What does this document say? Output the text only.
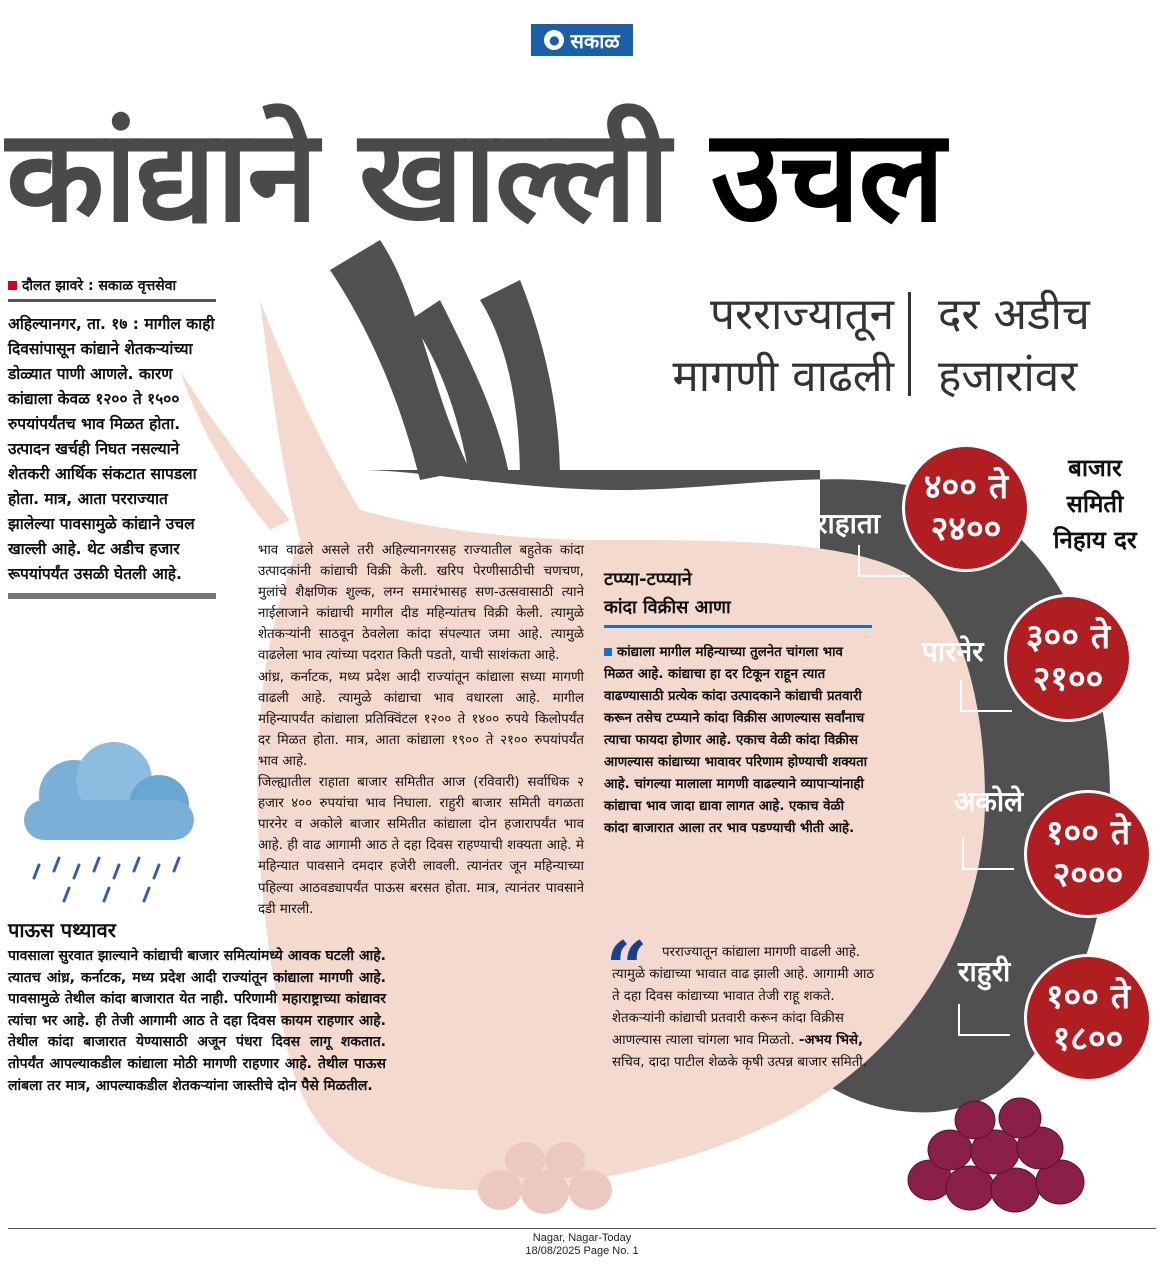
● सकाळ
कांद्याने खाल्ली उचल
दौलत झावरे : सकाळ वृत्तसेवा
अहिल्यानगर, ता. १७ : मागील काही दिवसांपासून कांद्याने शेतकऱ्यांच्या डोळ्यात पाणी आणले. कारण कांद्याला केवळ १२०० ते १५०० रुपयांपर्यंतच भाव मिळत होता. उत्पादन खर्चही निघत नसल्याने शेतकरी आर्थिक संकटात सापडला होता. मात्र, आता परराज्यात झालेल्या पावसामुळे कांद्याने उचल खाल्ली आहे. थेट अडीच हजार रूपयांपर्यंत उसळी घेतली आहे.
पाऊस पथ्यावर
पावसाला सुरवात झाल्याने कांद्याची बाजार समित्यांमध्ये आवक घटली आहे. त्यातच आंध्र, कर्नाटक, मध्य प्रदेश आदी राज्यांतून कांद्याला मागणी आहे. पावसामुळे तेथील कांदा बाजारात येत नाही. परिणामी महाराष्ट्राच्या कांद्यावर त्यांचा भर आहे. ही तेजी आगामी आठ ते दहा दिवस कायम राहणार आहे. तेथील कांदा बाजारात येण्यासाठी अजून पंधरा दिवस लागू शकतात. तोपर्यंत आपल्याकडील कांद्याला मोठी मागणी राहणार आहे. तेथील पाऊस लांबला तर मात्र, आपल्याकडील शेतकऱ्यांना जास्तीचे दोन पैसे मिळतील.
परराज्यातून
मागणी वाढली
दर अडीच
हजारांवर

भाव वाढले असले तरी अहिल्यानगरसह राज्यातील बहुतेक कांदा उत्पादकांनी कांद्याची विक्री केली. खरिप पेरणीसाठीची चणचण, मुलांचे शैक्षणिक शुल्क, लग्न समारंभासह सण-उत्सवासाठी त्याने नाईलाजाने कांद्याची मागील दीड महिन्यांतच विक्री केली. त्यामुळे शेतकऱ्यांनी साठवून ठेवलेला कांदा संपल्यात जमा आहे. त्यामुळे वाढलेला भाव त्यांच्या पदरात किती पडतो, याची साशंकता आहे.

आंध्र, कर्नाटक, मध्य प्रदेश आदी राज्यांतून कांद्याला सध्या मागणी वाढली आहे. त्यामुळे कांद्याचा भाव वधारला आहे. मागील महिन्यापर्यंत कांद्याला प्रतिक्विंटल १२०० ते १४०० रुपये किलोपर्यंत दर मिळत होता. मात्र, आता कांद्याला १९०० ते २१०० रुपयांपर्यंत भाव आहे.

जिल्ह्यातील राहाता बाजार समितीत आज (रविवारी) सर्वाधिक २ हजार ४०० रुपयांचा भाव निघाला. राहुरी बाजार समिती वगळता पारनेर व अकोले बाजार समितीत कांद्याला दोन हजारापर्यंत भाव आहे. ही वाढ आगामी आठ ते दहा दिवस राहण्याची शक्यता आहे. मे महिन्यात पावसाने दमदार हजेरी लावली. त्यानंतर जून महिन्याच्या पहिल्या आठवड्यापर्यंत पाऊस बरसत होता. मात्र, त्यानंतर पावसाने दडी मारली.

टप्प्या-टप्प्याने
कांदा विक्रीस आणा
कांद्याला मागील महिन्याच्या तुलनेत चांगला भाव मिळत आहे. कांद्याचा हा दर टिकून राहून त्यात वाढण्यासाठी प्रत्येक कांदा उत्पादकाने कांद्याची प्रतवारी करून तसेच टप्प्याने कांदा विक्रीस आणल्यास सर्वांनाच त्याचा फायदा होणार आहे. एकाच वेळी कांदा विक्रीस आणल्यास कांद्याच्या भावावर परिणाम होण्याची शक्यता आहे. चांगल्या मालाला मागणी वाढल्याने व्यापाऱ्यांनाही कांद्याचा भाव जादा द्यावा लागत आहे. एकाच वेळी कांदा बाजारात आला तर भाव पडण्याची भीती आहे.
“	परराज्यातून कांद्याला मागणी वाढली आहे. त्यामुळे कांद्याच्या भावात वाढ झाली आहे. आगामी आठ ते दहा दिवस कांद्याच्या भावात तेजी राहू शकते. शेतकऱ्यांनी कांद्याची प्रतवारी करून कांदा विक्रीस आणल्यास त्याला चांगला भाव मिळतो. -अभय भिसे, सचिव, दादा पाटील शेळके कृषी उत्पन्न बाजार समिती.
बाजार
समिती
निहाय दर
राहाता
४०० ते
२४००
पारनेर ३०० ते
२१००
अकोले
१०० ते
२०००
राहुरी
१०० ते
१८००
Nagar, Nagar-Today
18/08/2025 Page No. 1
